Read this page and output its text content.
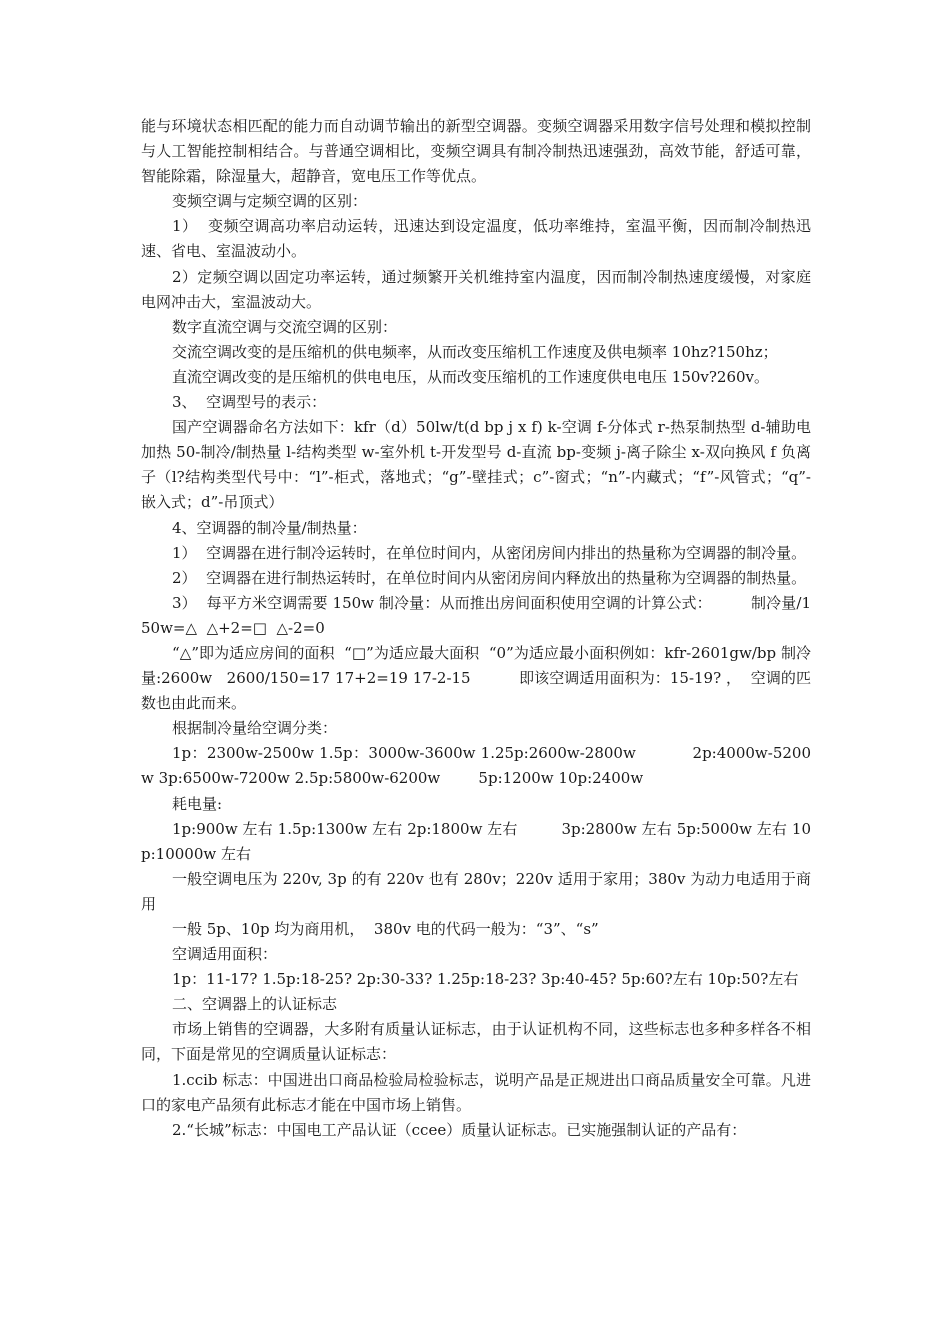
能与环境状态相匹配的能力而自动调节输出的新型空调器。变频空调器采用数字信号处理和模拟控制与人工智能控制相结合。与普通空调相比，变频空调具有制冷制热迅速强劲，高效节能，舒适可靠，智能除霜，除湿量大，超静音，宽电压工作等优点。

变频空调与定频空调的区别：

1）  变频空调高功率启动运转，迅速达到设定温度，低功率维持，室温平衡，因而制冷制热迅速、省电、室温波动小。

2）定频空调以固定功率运转，通过频繁开关机维持室内温度，因而制冷制热速度缓慢，对家庭电网冲击大，室温波动大。

数字直流空调与交流空调的区别：

交流空调改变的是压缩机的供电频率，从而改变压缩机工作速度及供电频率 10hz?150hz；

直流空调改变的是压缩机的供电电压，从而改变压缩机的工作速度供电电压 150v?260v。

3、  空调型号的表示：

国产空调器命名方法如下：kfr（d）50lw/t(d bp j x f) k-空调 f-分体式 r-热泵制热型 d-辅助电加热 50-制冷/制热量 l-结构类型 w-室外机 t-开发型号 d-直流 bp-变频 j-离子除尘 x-双向换风 f 负离子（l?结构类型代号中：“l”-柜式，落地式；“g”-壁挂式；c”-窗式；“n”-内藏式；“f”-风管式；“q”-嵌入式；d”-吊顶式）

4、空调器的制冷量/制热量：

1）  空调器在进行制冷运转时，在单位时间内，从密闭房间内排出的热量称为空调器的制冷量。

2）  空调器在进行制热运转时，在单位时间内从密闭房间内释放出的热量称为空调器的制热量。

3）  每平方米空调需要 150w 制冷量：从而推出房间面积使用空调的计算公式：        制冷量/150w=△  △+2=□  △-2=0

“△”即为适应房间的面积  “□”为适应最大面积  “0”为适应最小面积例如：kfr-2601gw/bp 制冷量:2600w   2600/150=17 17+2=19 17-2-15          即该空调适用面积为：15-19? ，  空调的匹数也由此而来。

根据制冷量给空调分类：

1p：2300w-2500w 1.5p：3000w-3600w 1.25p:2600w-2800w           2p:4000w-5200w 3p:6500w-7200w 2.5p:5800w-6200w        5p:1200w 10p:2400w

耗电量:

1p:900w 左右 1.5p:1300w 左右 2p:1800w 左右         3p:2800w 左右 5p:5000w 左右 10p:10000w 左右

一般空调电压为 220v, 3p 的有 220v 也有 280v；220v 适用于家用；380v 为动力电适用于商用

一般 5p、10p 均为商用机，  380v 电的代码一般为：“3”、“s”

空调适用面积：

1p：11-17? 1.5p:18-25? 2p:30-33? 1.25p:18-23? 3p:40-45? 5p:60?左右 10p:50?左右

二、空调器上的认证标志

市场上销售的空调器，大多附有质量认证标志，由于认证机构不同，这些标志也多种多样各不相同，下面是常见的空调质量认证标志：

1.ccib 标志：中国进出口商品检验局检验标志，说明产品是正规进出口商品质量安全可靠。凡进口的家电产品须有此标志才能在中国市场上销售。

2.“长城”标志：中国电工产品认证（ccee）质量认证标志。已实施强制认证的产品有：
